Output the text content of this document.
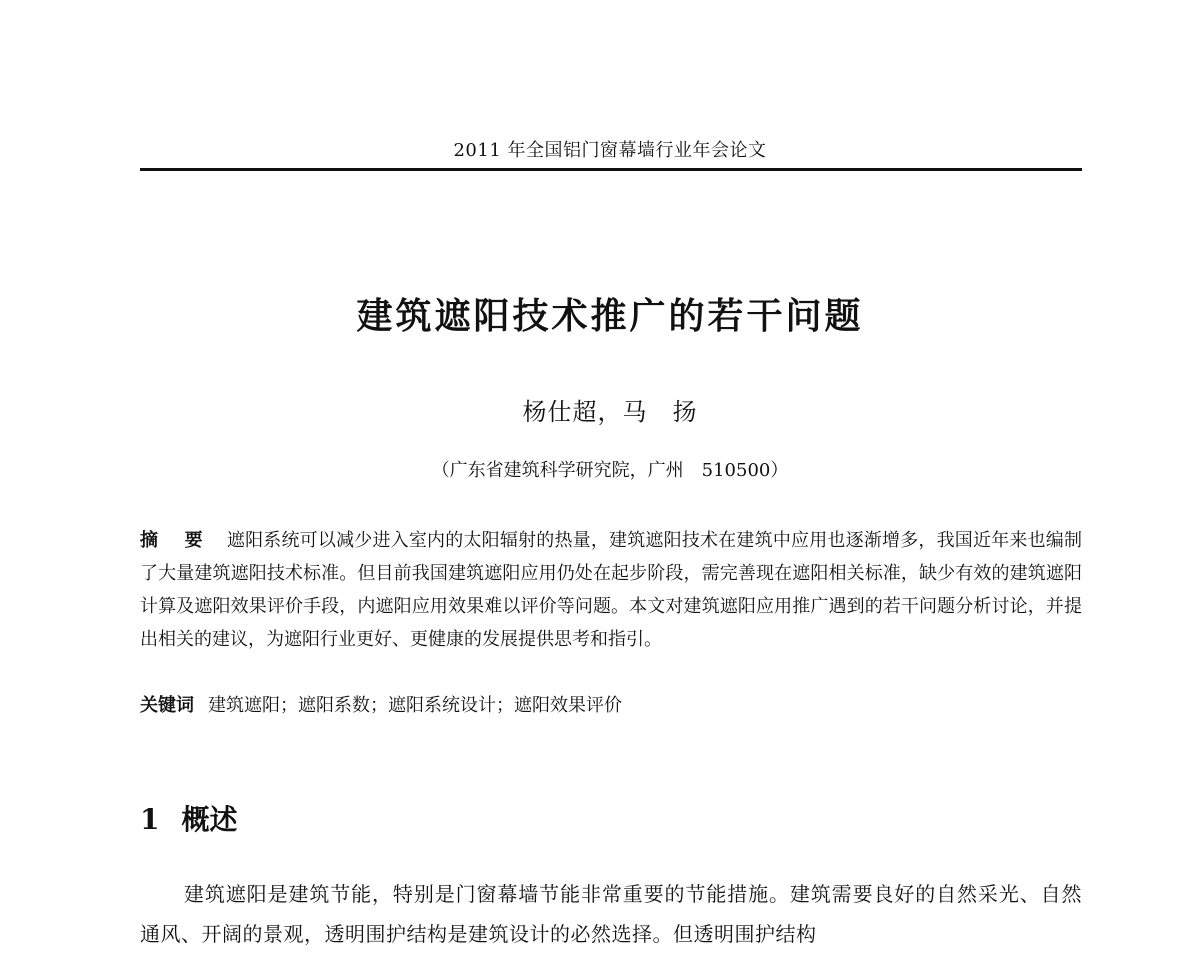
2011 年全国铝门窗幕墙行业年会论文
建筑遮阳技术推广的若干问题
杨仕超，马　扬
（广东省建筑科学研究院，广州　510500）
摘 要 遮阳系统可以减少进入室内的太阳辐射的热量，建筑遮阳技术在建筑中应用也逐渐增多，我国近年来也编制了大量建筑遮阳技术标准。但目前我国建筑遮阳应用仍处在起步阶段，需完善现在遮阳相关标准，缺少有效的建筑遮阳计算及遮阳效果评价手段，内遮阳应用效果难以评价等问题。本文对建筑遮阳应用推广遇到的若干问题分析讨论，并提出相关的建议，为遮阳行业更好、更健康的发展提供思考和指引。
关键词 建筑遮阳；遮阳系数；遮阳系统设计；遮阳效果评价
1 概述
建筑遮阳是建筑节能，特别是门窗幕墙节能非常重要的节能措施。建筑需要良好的自然采光、自然通风、开阔的景观，透明围护结构是建筑设计的必然选择。但透明围护结构
